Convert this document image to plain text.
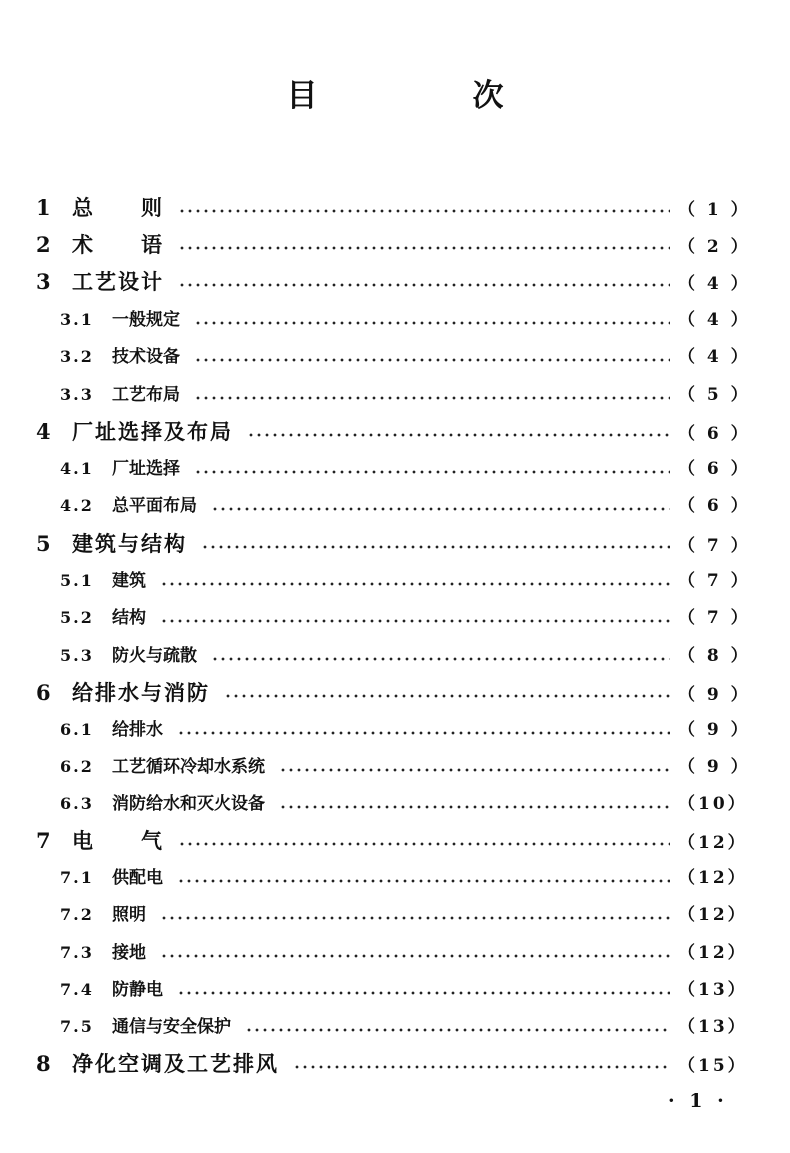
目　次
1	总　　则	（ 1 ）
2	术　　语	（ 2 ）
3	工艺设计	（ 4 ）
3.1	一般规定	（ 4 ）
3.2	技术设备	（ 4 ）
3.3	工艺布局	（ 5 ）
4	厂址选择及布局	（ 6 ）
4.1	厂址选择	（ 6 ）
4.2	总平面布局	（ 6 ）
5	建筑与结构	（ 7 ）
5.1	建筑	（ 7 ）
5.2	结构	（ 7 ）
5.3	防火与疏散	（ 8 ）
6	给排水与消防	（ 9 ）
6.1	给排水	（ 9 ）
6.2	工艺循环冷却水系统	（ 9 ）
6.3	消防给水和灭火设备	（10）
7	电　　气	（12）
7.1	供配电	（12）
7.2	照明	（12）
7.3	接地	（12）
7.4	防静电	（13）
7.5	通信与安全保护	（13）
8	净化空调及工艺排风	（15）
· 1 ·
